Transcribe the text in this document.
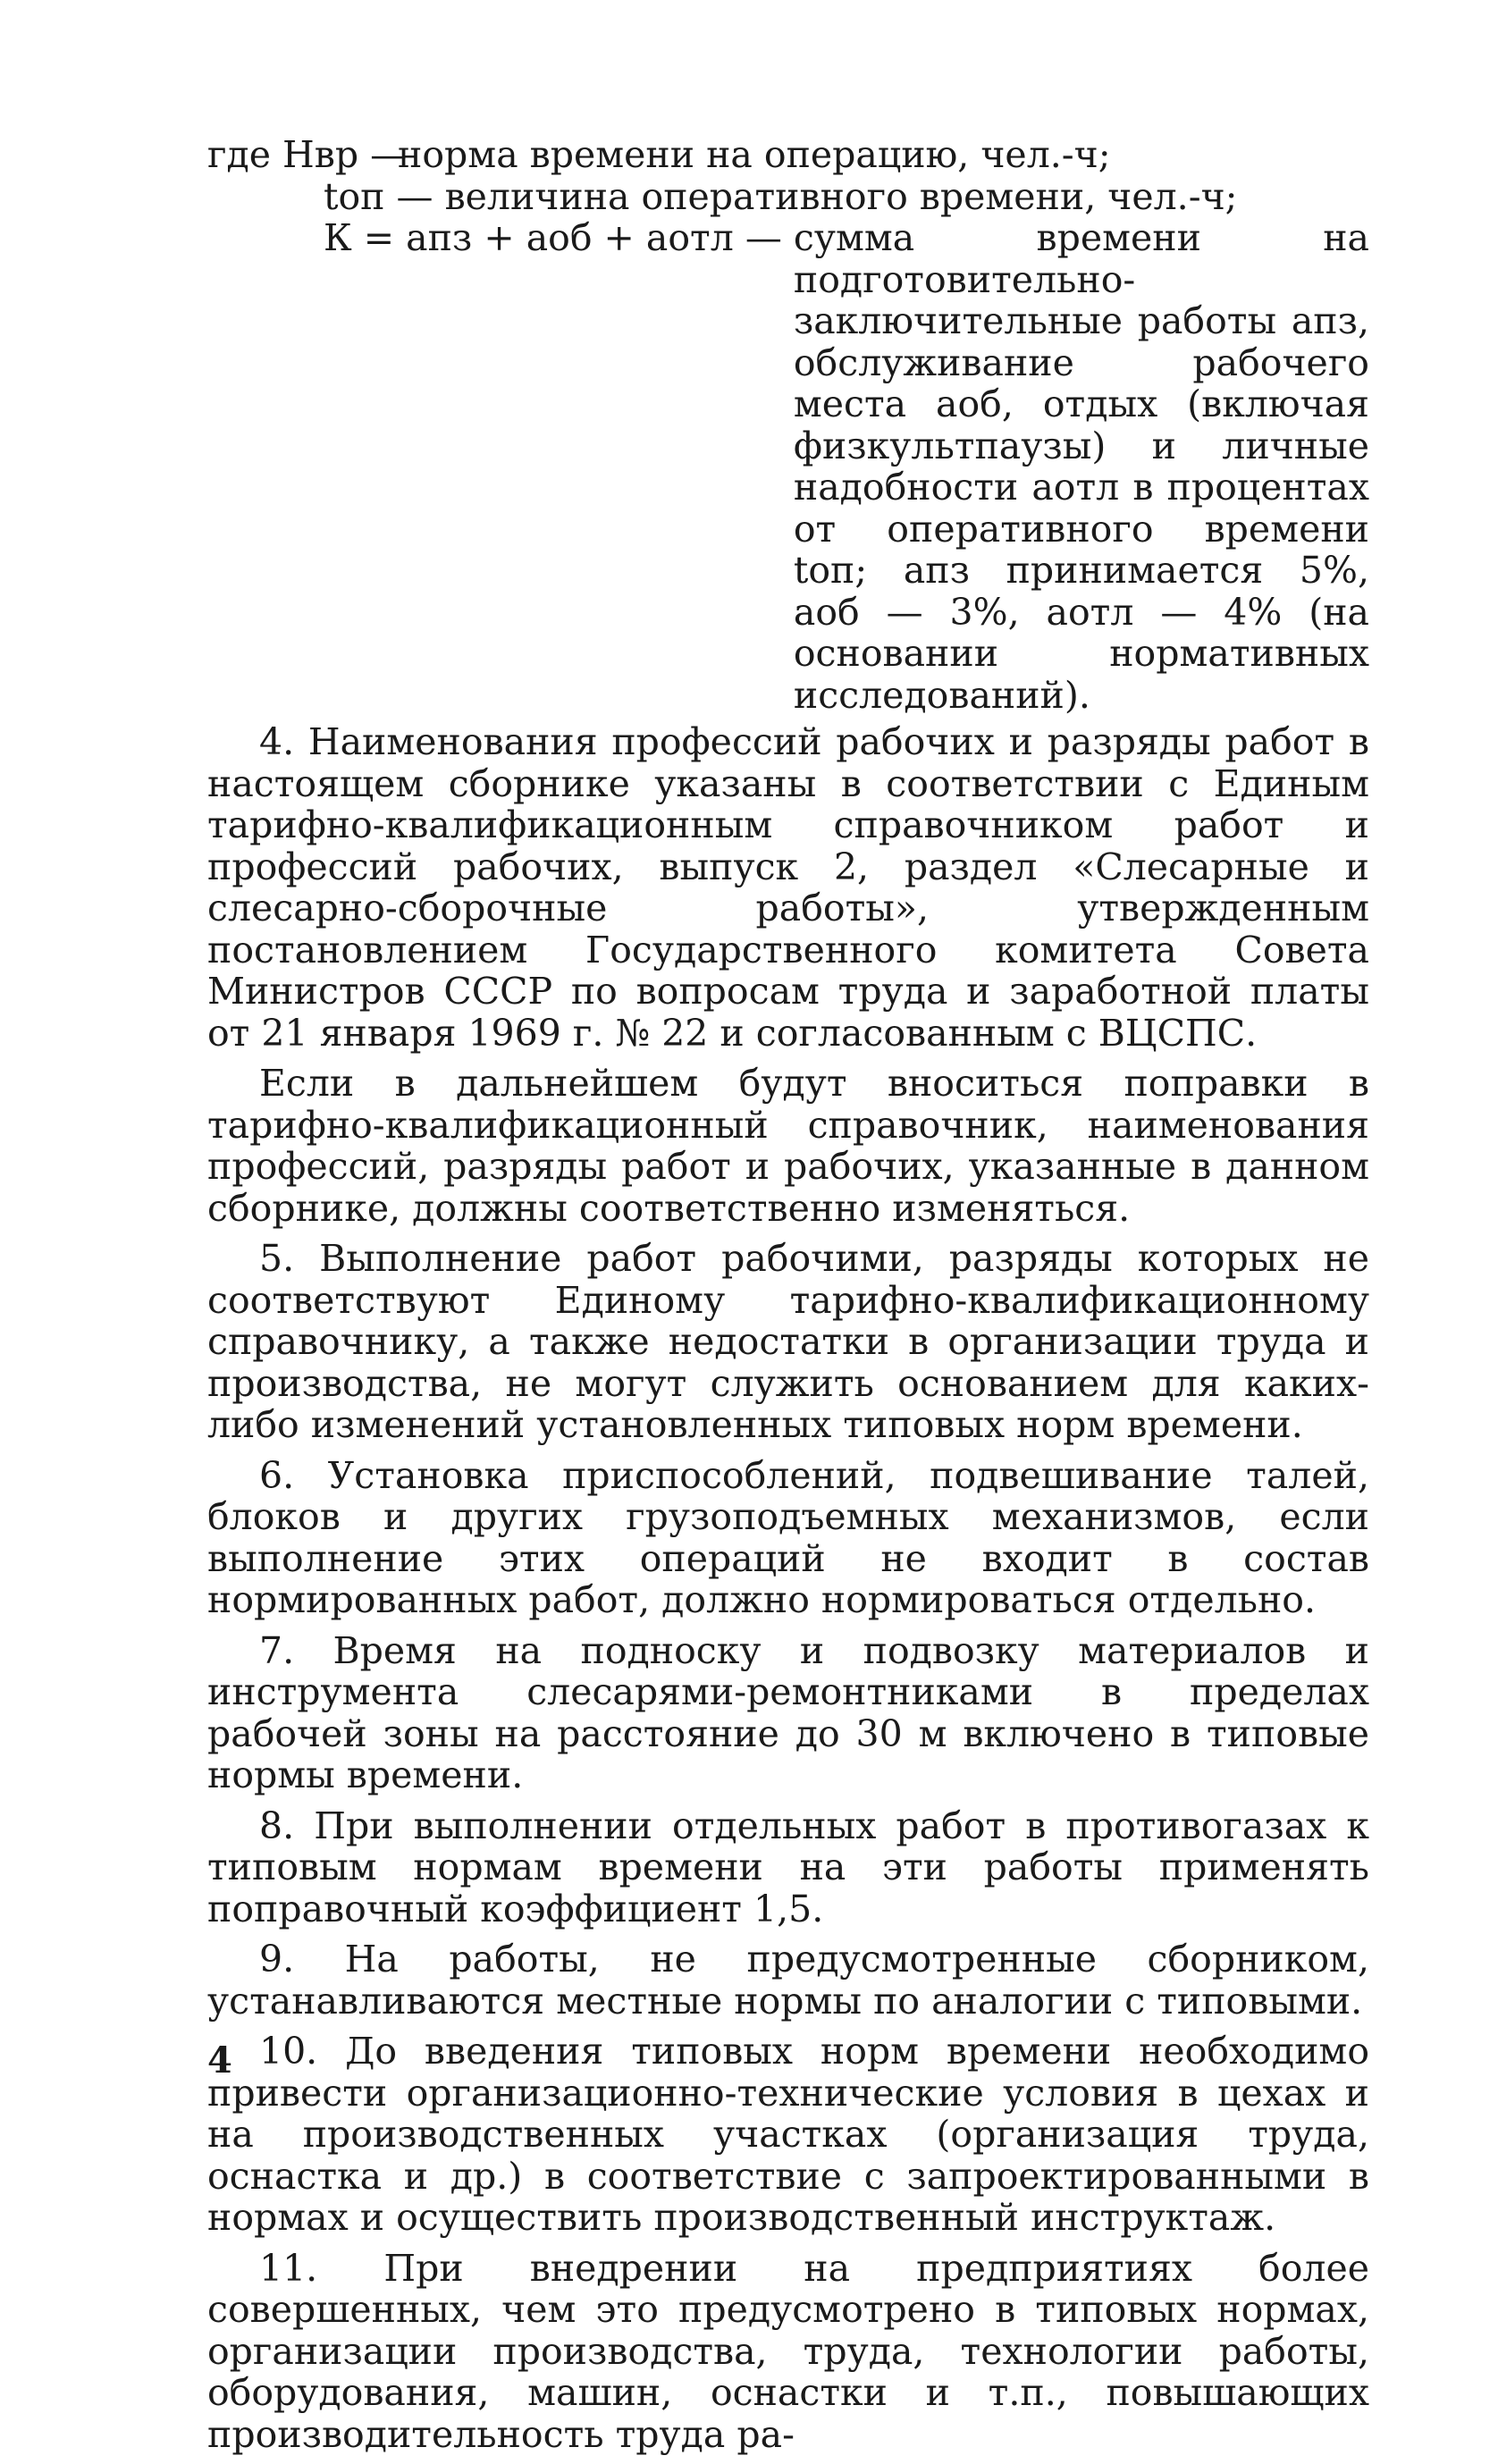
где Нвр —

норма времени на операцию, чел.-ч;
tоп —
величина оперативного времени, чел.-ч;
К = апз + аоб + аотл —
сумма времени на подготовительно-заключительные работы апз, обслуживание рабочего места аоб, отдых (включая физкультпаузы) и личные надобности аотл в процентах от оперативного времени tоп; апз принимается 5%, аоб — 3%, аотл — 4% (на основании нормативных исследований).

4. Наименования профессий рабочих и разряды работ в настоящем сборнике указаны в соответствии с Единым тарифно-квалификационным справочником работ и профессий рабочих, выпуск 2, раздел «Слесарные и слесарно-сборочные работы», утвержденным постановлением Государственного комитета Совета Министров СССР по вопросам труда и заработной платы от 21 января 1969 г. № 22 и согласованным с ВЦСПС.

Если в дальнейшем будут вноситься поправки в тарифно-квалификационный справочник, наименования профессий, разряды работ и рабочих, указанные в данном сборнике, должны соответственно изменяться.

5. Выполнение работ рабочими, разряды которых не соответствуют Единому тарифно-квалификационному справочнику, а также недостатки в организации труда и производства, не могут служить основанием для каких-либо изменений установленных типовых норм времени.

6. Установка приспособлений, подвешивание талей, блоков и других грузоподъемных механизмов, если выполнение этих операций не входит в состав нормированных работ, должно нормироваться отдельно.

7. Время на подноску и подвозку материалов и инструмента слесарями-ремонтниками в пределах рабочей зоны на расстояние до 30 м включено в типовые нормы времени.

8. При выполнении отдельных работ в противогазах к типовым нормам времени на эти работы применять поправочный коэффициент 1,5.

9. На работы, не предусмотренные сборником, устанавливаются местные нормы по аналогии с типовыми.

10. До введения типовых норм времени необходимо привести организационно-технические условия в цехах и на производственных участках (организация труда, оснастка и др.) в соответствие с запроектированными в нормах и осуществить производственный инструктаж.

11. При внедрении на предприятиях более совершенных, чем это предусмотрено в типовых нормах, организации производства, труда, технологии работы, оборудования, машин, оснастки и т.п., повышающих производительность труда ра-

4
